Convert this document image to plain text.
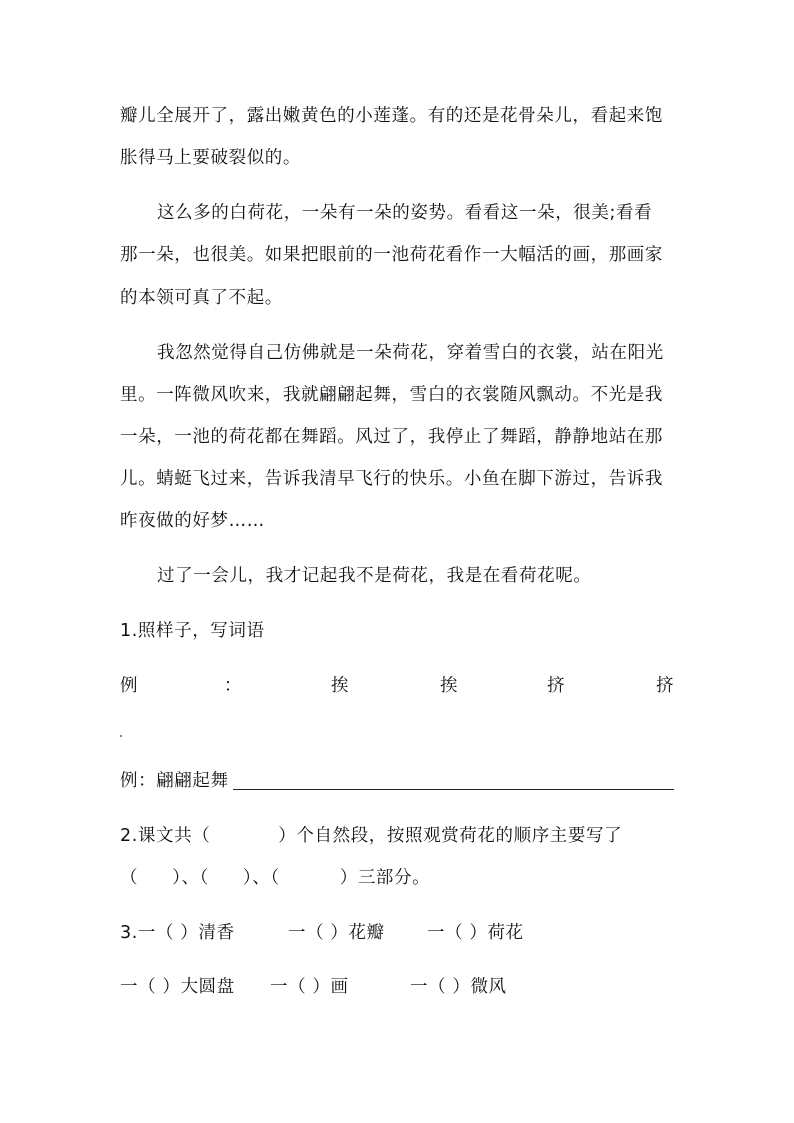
瓣儿全展开了，露出嫩黄色的小莲蓬。有的还是花骨朵儿，看起来饱
胀得马上要破裂似的。
这么多的白荷花，一朵有一朵的姿势。看看这一朵，很美;看看
那一朵，也很美。如果把眼前的一池荷花看作一大幅活的画，那画家
的本领可真了不起。
我忽然觉得自己仿佛就是一朵荷花，穿着雪白的衣裳，站在阳光
里。一阵微风吹来，我就翩翩起舞，雪白的衣裳随风飘动。不光是我
一朵，一池的荷花都在舞蹈。风过了，我停止了舞蹈，静静地站在那
儿。蜻蜓飞过来，告诉我清早飞行的快乐。小鱼在脚下游过，告诉我
昨夜做的好梦……
过了一会儿，我才记起我不是荷花，我是在看荷花呢。
1.照样子，写词语
例	：	挨	挨	挤	挤
例：翩翩起舞
2.课文共（	）个自然段，按照观赏荷花的顺序主要写了
（ ）、（ ）、（	）三部分。
3.一（ ）清香	一（ ）花瓣 一（ ）荷花
一（ ）大圆盘 一（ ）画	一（ ）微风
